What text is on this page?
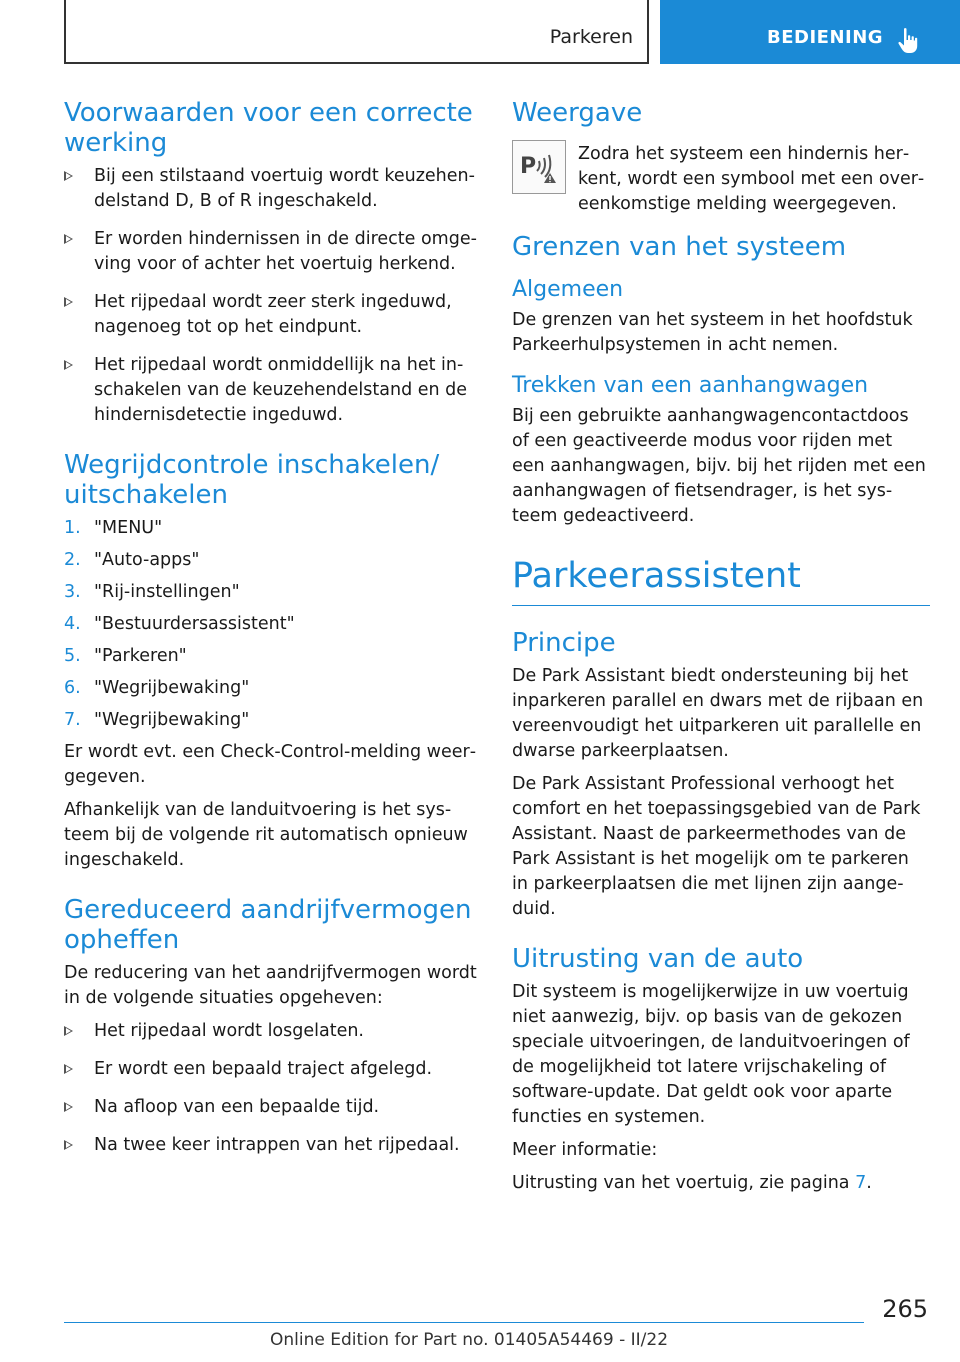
Parkeren	BEDIENING
Voorwaarden voor een correcte werking
Bij een stilstaand voertuig wordt keuzehendelstand D, B of R ingeschakeld.
Er worden hindernissen in de directe omgeving voor of achter het voertuig herkend.
Het rijpedaal wordt zeer sterk ingeduwd, nagenoeg tot op het eindpunt.
Het rijpedaal wordt onmiddellijk na het inschakelen van de keuzehendelstand en de hindernisdetectie ingeduwd.
Wegrijdcontrole inschakelen/ uitschakelen
1. "MENU"
2. "Auto-apps"
3. "Rij-instellingen"
4. "Bestuurdersassistent"
5. "Parkeren"
6. "Wegrijbewaking"
7. "Wegrijbewaking"

Er wordt evt. een Check-Control-melding weergegeven.

Afhankelijk van de landuitvoering is het systeem bij de volgende rit automatisch opnieuw ingeschakeld.

Gereduceerd aandrijfvermogen opheffen

De reducering van het aandrijfvermogen wordt in de volgende situaties opgeheven:

Het rijpedaal wordt losgelaten.
Er wordt een bepaald traject afgelegd.
Na afloop van een bepaalde tijd.
Na twee keer intrappen van het rijpedaal.
Weergave
P Zodra het systeem een hindernis herkent, wordt een symbool met een overeenkomstige melding weergegeven.
Grenzen van het systeem
Algemeen

De grenzen van het systeem in het hoofdstuk Parkeerhulpsystemen in acht nemen.

Trekken van een aanhangwagen

Bij een gebruikte aanhangwagencontactdoos of een geactiveerde modus voor rijden met een aanhangwagen, bijv. bij het rijden met een aanhangwagen of fietsendrager, is het systeem gedeactiveerd.

Parkeerassistent
Principe

De Park Assistant biedt ondersteuning bij het inparkeren parallel en dwars met de rijbaan en vereenvoudigt het uitparkeren uit parallelle en dwarse parkeerplaatsen.

De Park Assistant Professional verhoogt het comfort en het toepassingsgebied van de Park Assistant. Naast de parkeermethodes van de Park Assistant is het mogelijk om te parkeren in parkeerplaatsen die met lijnen zijn aangeduid.

Uitrusting van de auto

Dit systeem is mogelijkerwijze in uw voertuig niet aanwezig, bijv. op basis van de gekozen speciale uitvoeringen, de landuitvoeringen of de mogelijkheid tot latere vrijschakeling of software-update. Dat geldt ook voor aparte functies en systemen.

Meer informatie:

Uitrusting van het voertuig, zie pagina 7.

265
Online Edition for Part no. 01405A54469 - II/22
